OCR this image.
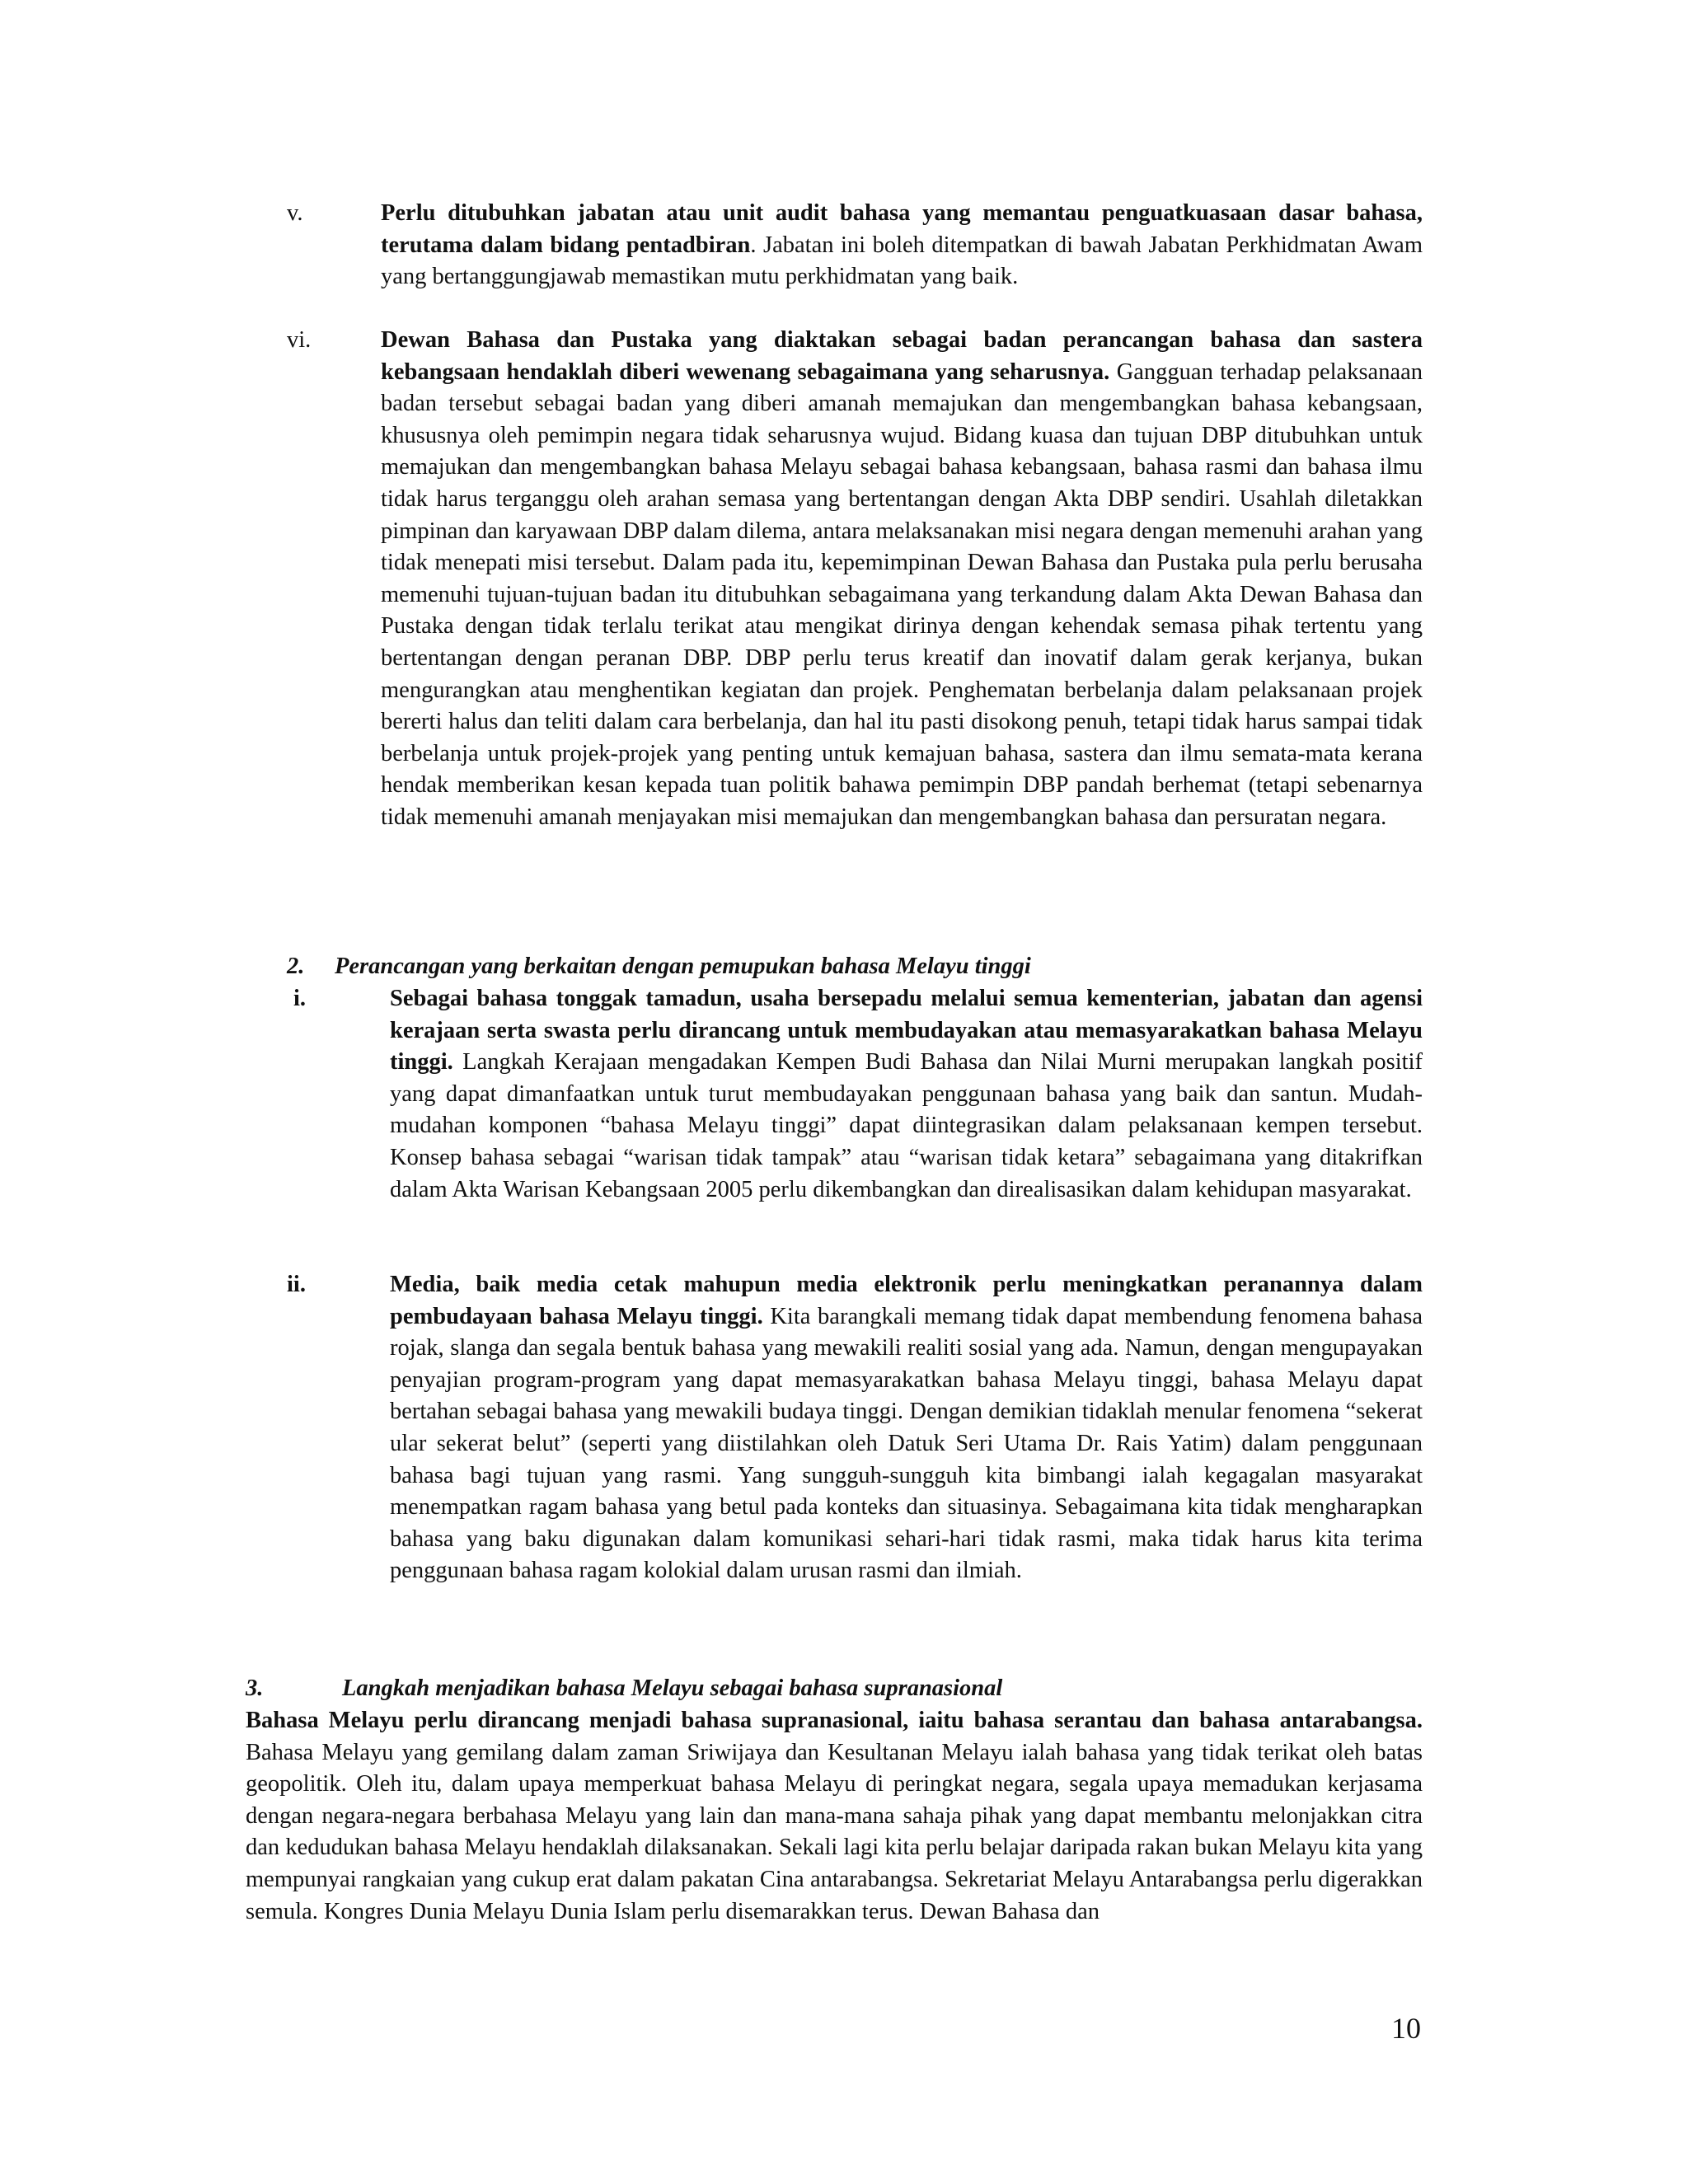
v.	Perlu ditubuhkan jabatan atau unit audit bahasa yang memantau penguatkuasaan dasar bahasa, terutama dalam bidang pentadbiran. Jabatan ini boleh ditempatkan di bawah Jabatan Perkhidmatan Awam yang bertanggungjawab memastikan mutu perkhidmatan yang baik.

vi.	Dewan Bahasa dan Pustaka yang diaktakan sebagai badan perancangan bahasa dan sastera kebangsaan hendaklah diberi wewenang sebagaimana yang seharusnya. Gangguan terhadap pelaksanaan badan tersebut sebagai badan yang diberi amanah memajukan dan mengembangkan bahasa kebangsaan, khususnya oleh pemimpin negara tidak seharusnya wujud. Bidang kuasa dan tujuan DBP ditubuhkan untuk memajukan dan mengembangkan bahasa Melayu sebagai bahasa kebangsaan, bahasa rasmi dan bahasa ilmu tidak harus terganggu oleh arahan semasa yang bertentangan dengan Akta DBP sendiri. Usahlah diletakkan pimpinan dan karyawaan DBP dalam dilema, antara melaksanakan misi negara dengan memenuhi arahan yang tidak menepati misi tersebut. Dalam pada itu, kepemimpinan Dewan Bahasa dan Pustaka pula perlu berusaha memenuhi tujuan-tujuan badan itu ditubuhkan sebagaimana yang terkandung dalam Akta Dewan Bahasa dan Pustaka dengan tidak terlalu terikat atau mengikat dirinya dengan kehendak semasa pihak tertentu yang bertentangan dengan peranan DBP. DBP perlu terus kreatif dan inovatif dalam gerak kerjanya, bukan mengurangkan atau menghentikan kegiatan dan projek. Penghematan berbelanja dalam pelaksanaan projek bererti halus dan teliti dalam cara berbelanja, dan hal itu pasti disokong penuh, tetapi tidak harus sampai tidak berbelanja untuk projek-projek yang penting untuk kemajuan bahasa, sastera dan ilmu semata-mata kerana hendak memberikan kesan kepada tuan politik bahawa pemimpin DBP pandah berhemat (tetapi sebenarnya tidak memenuhi amanah menjayakan misi memajukan dan mengembangkan bahasa dan persuratan negara.

2. Perancangan yang berkaitan dengan pemupukan bahasa Melayu tinggi
i.	Sebagai bahasa tonggak tamadun, usaha bersepadu melalui semua kementerian, jabatan dan agensi kerajaan serta swasta perlu dirancang untuk membudayakan atau memasyarakatkan bahasa Melayu tinggi. Langkah Kerajaan mengadakan Kempen Budi Bahasa dan Nilai Murni merupakan langkah positif yang dapat dimanfaatkan untuk turut membudayakan penggunaan bahasa yang baik dan santun. Mudah-mudahan komponen “bahasa Melayu tinggi” dapat diintegrasikan dalam pelaksanaan kempen tersebut. Konsep bahasa sebagai “warisan tidak tampak” atau “warisan tidak ketara” sebagaimana yang ditakrifkan dalam Akta Warisan Kebangsaan 2005 perlu dikembangkan dan direalisasikan dalam kehidupan masyarakat.

ii.	Media, baik media cetak mahupun media elektronik perlu meningkatkan peranannya dalam pembudayaan bahasa Melayu tinggi. Kita barangkali memang tidak dapat membendung fenomena bahasa rojak, slanga dan segala bentuk bahasa yang mewakili realiti sosial yang ada. Namun, dengan mengupayakan penyajian program-program yang dapat memasyarakatkan bahasa Melayu tinggi, bahasa Melayu dapat bertahan sebagai bahasa yang mewakili budaya tinggi. Dengan demikian tidaklah menular fenomena “sekerat ular sekerat belut” (seperti yang diistilahkan oleh Datuk Seri Utama Dr. Rais Yatim) dalam penggunaan bahasa bagi tujuan yang rasmi. Yang sungguh-sungguh kita bimbangi ialah kegagalan masyarakat menempatkan ragam bahasa yang betul pada konteks dan situasinya. Sebagaimana kita tidak mengharapkan bahasa yang baku digunakan dalam komunikasi sehari-hari tidak rasmi, maka tidak harus kita terima penggunaan bahasa ragam kolokial dalam urusan rasmi dan ilmiah.

3.	Langkah menjadikan bahasa Melayu sebagai bahasa supranasional

Bahasa Melayu perlu dirancang menjadi bahasa supranasional, iaitu bahasa serantau dan bahasa antarabangsa. Bahasa Melayu yang gemilang dalam zaman Sriwijaya dan Kesultanan Melayu ialah bahasa yang tidak terikat oleh batas geopolitik. Oleh itu, dalam upaya memperkuat bahasa Melayu di peringkat negara, segala upaya memadukan kerjasama dengan negara-negara berbahasa Melayu yang lain dan mana-mana sahaja pihak yang dapat membantu melonjakkan citra dan kedudukan bahasa Melayu hendaklah dilaksanakan. Sekali lagi kita perlu belajar daripada rakan bukan Melayu kita yang mempunyai rangkaian yang cukup erat dalam pakatan Cina antarabangsa. Sekretariat Melayu Antarabangsa perlu digerakkan semula. Kongres Dunia Melayu Dunia Islam perlu disemarakkan terus. Dewan Bahasa dan

10
